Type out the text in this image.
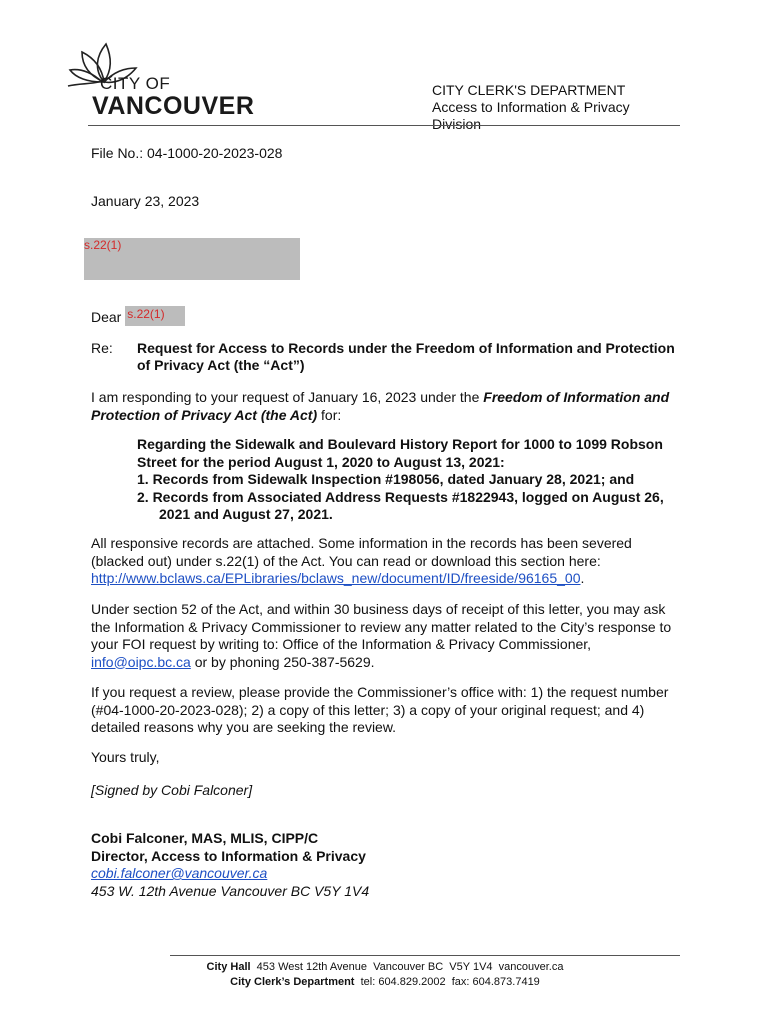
CITY OF
VANCOUVER
CITY CLERK'S DEPARTMENT
Access to Information & Privacy Division
File No.: 04-1000-20-2023-028
January 23, 2023
s.22(1)
Dear s.22(1)
Re: Request for Access to Records under the Freedom of Information and Protection
of Privacy Act (the “Act”)
I am responding to your request of January 16, 2023 under the Freedom of Information and
Protection of Privacy Act (the Act) for:
Regarding the Sidewalk and Boulevard History Report for 1000 to 1099 Robson
Street for the period August 1, 2020 to August 13, 2021:
1. Records from Sidewalk Inspection #198056, dated January 28, 2021; and
2. Records from Associated Address Requests #1822943, logged on August 26, 2021 and August 27, 2021.
All responsive records are attached. Some information in the records has been severed
(blacked out) under s.22(1) of the Act. You can read or download this section here:
http://www.bclaws.ca/EPLibraries/bclaws_new/document/ID/freeside/96165_00.
Under section 52 of the Act, and within 30 business days of receipt of this letter, you may ask
the Information & Privacy Commissioner to review any matter related to the City’s response to
your FOI request by writing to: Office of the Information & Privacy Commissioner,
info@oipc.bc.ca or by phoning 250-387-5629.
If you request a review, please provide the Commissioner’s office with: 1) the request number
(#04-1000-20-2023-028); 2) a copy of this letter; 3) a copy of your original request; and 4)
detailed reasons why you are seeking the review.
Yours truly,
[Signed by Cobi Falconer]
Cobi Falconer, MAS, MLIS, CIPP/C
Director, Access to Information & Privacy
cobi.falconer@vancouver.ca
453 W. 12th Avenue Vancouver BC V5Y 1V4
City Hall  453 West 12th Avenue  Vancouver BC  V5Y 1V4  vancouver.ca
City Clerk’s Department  tel: 604.829.2002  fax: 604.873.7419
